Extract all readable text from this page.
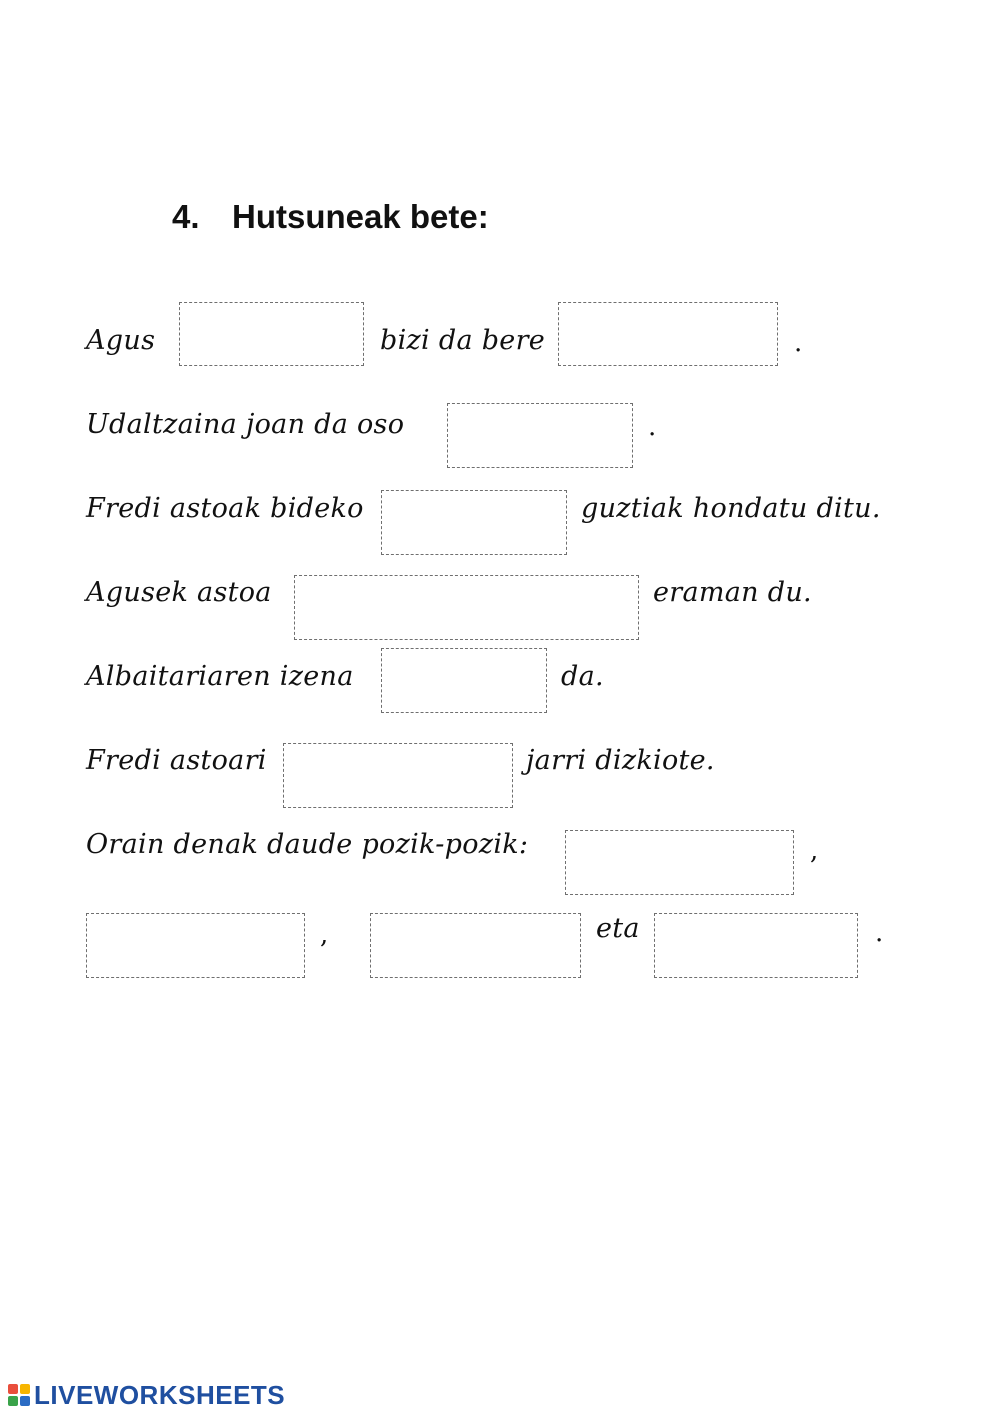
4. Hutsuneak bete:
Agus	bizi da bere	.
Udaltzaina joan da oso	.
Fredi astoak bideko	guztiak hondatu ditu.
Agusek astoa	eraman du.
Albaitariaren izena	da.
Fredi astoari	jarri dizkiote.
Orain denak daude pozik-pozik:	,
,	eta	.
LIVEWORKSHEETS
